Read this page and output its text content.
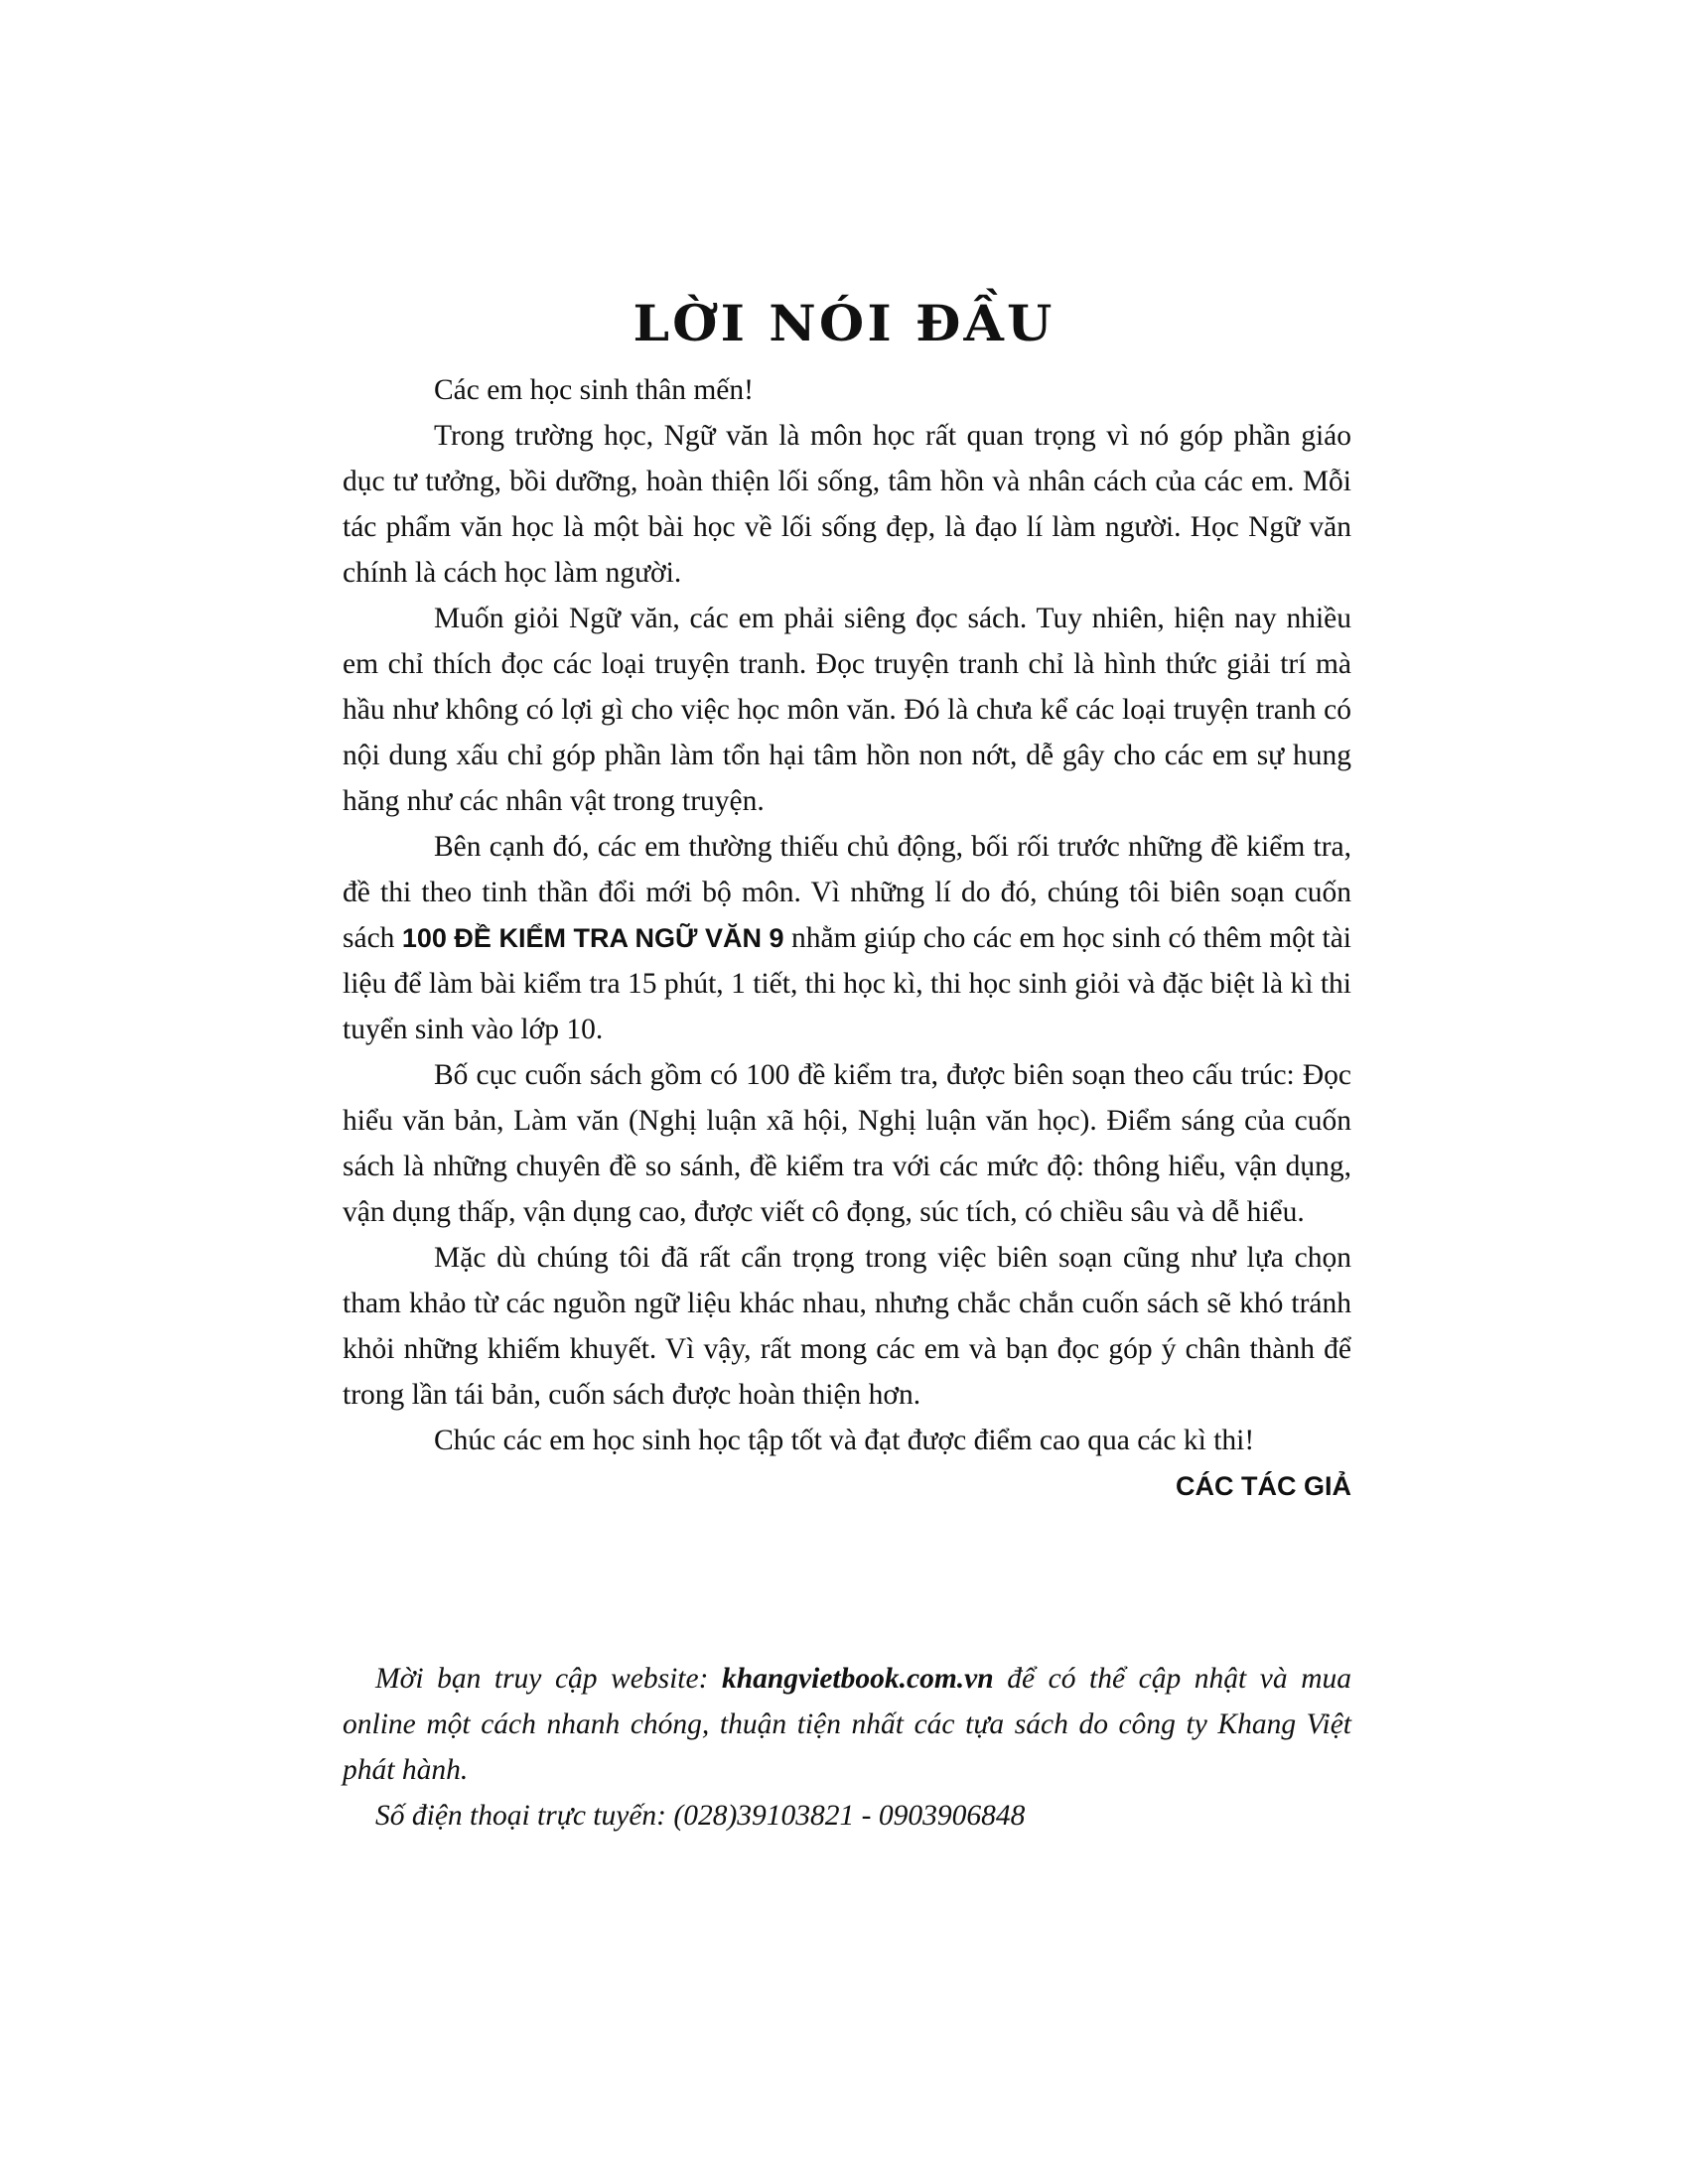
LỜI NÓI ĐẦU

Các em học sinh thân mến!

Trong trường học, Ngữ văn là môn học rất quan trọng vì nó góp phần giáo dục tư tưởng, bồi dưỡng, hoàn thiện lối sống, tâm hồn và nhân cách của các em. Mỗi tác phẩm văn học là một bài học về lối sống đẹp, là đạo lí làm người. Học Ngữ văn chính là cách học làm người.

Muốn giỏi Ngữ văn, các em phải siêng đọc sách. Tuy nhiên, hiện nay nhiều em chỉ thích đọc các loại truyện tranh. Đọc truyện tranh chỉ là hình thức giải trí mà hầu như không có lợi gì cho việc học môn văn. Đó là chưa kể các loại truyện tranh có nội dung xấu chỉ góp phần làm tổn hại tâm hồn non nớt, dễ gây cho các em sự hung hăng như các nhân vật trong truyện.

Bên cạnh đó, các em thường thiếu chủ động, bối rối trước những đề kiểm tra, đề thi theo tinh thần đổi mới bộ môn. Vì những lí do đó, chúng tôi biên soạn cuốn sách 100 ĐỀ KIỂM TRA NGỮ VĂN 9 nhằm giúp cho các em học sinh có thêm một tài liệu để làm bài kiểm tra 15 phút, 1 tiết, thi học kì, thi học sinh giỏi và đặc biệt là kì thi tuyển sinh vào lớp 10.

Bố cục cuốn sách gồm có 100 đề kiểm tra, được biên soạn theo cấu trúc: Đọc hiểu văn bản, Làm văn (Nghị luận xã hội, Nghị luận văn học). Điểm sáng của cuốn sách là những chuyên đề so sánh, đề kiểm tra với các mức độ: thông hiểu, vận dụng, vận dụng thấp, vận dụng cao, được viết cô đọng, súc tích, có chiều sâu và dễ hiểu.

Mặc dù chúng tôi đã rất cẩn trọng trong việc biên soạn cũng như lựa chọn tham khảo từ các nguồn ngữ liệu khác nhau, nhưng chắc chắn cuốn sách sẽ khó tránh khỏi những khiếm khuyết. Vì vậy, rất mong các em và bạn đọc góp ý chân thành để trong lần tái bản, cuốn sách được hoàn thiện hơn.

Chúc các em học sinh học tập tốt và đạt được điểm cao qua các kì thi!

CÁC TÁC GIẢ

Mời bạn truy cập website: khangvietbook.com.vn để có thể cập nhật và mua online một cách nhanh chóng, thuận tiện nhất các tựa sách do công ty Khang Việt phát hành.

Số điện thoại trực tuyến: (028)39103821 - 0903906848
